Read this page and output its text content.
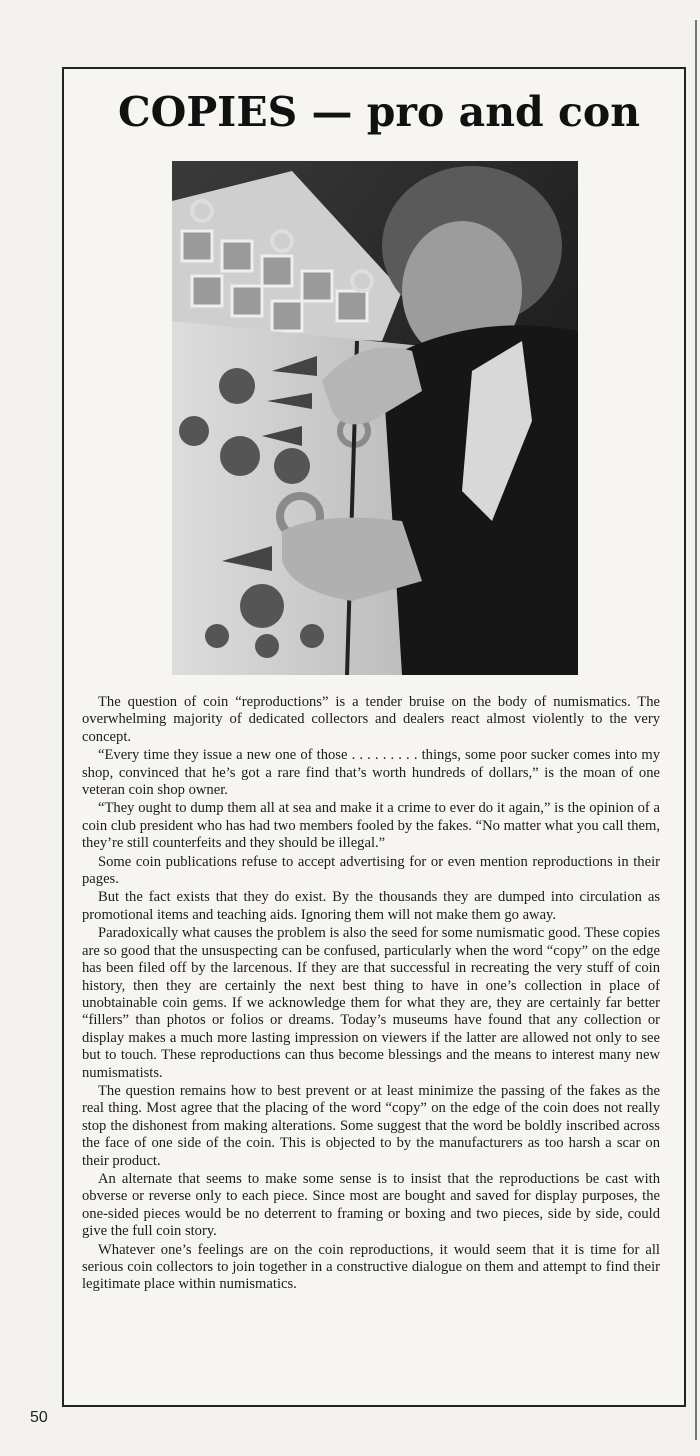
COPIES — pro and con

The question of coin “reproductions” is a tender bruise on the body of numismatics. The overwhelming majority of dedicated collectors and dealers react almost violently to the very concept.

“Every time they issue a new one of those . . . . . . . . . things, some poor sucker comes into my shop, convinced that he’s got a rare find that’s worth hundreds of dollars,” is the moan of one veteran coin shop owner.

“They ought to dump them all at sea and make it a crime to ever do it again,” is the opinion of a coin club president who has had two members fooled by the fakes. “No matter what you call them, they’re still counterfeits and they should be illegal.”

Some coin publications refuse to accept advertising for or even mention reproductions in their pages.

But the fact exists that they do exist. By the thousands they are dumped into circulation as promotional items and teaching aids. Ignoring them will not make them go away.

Paradoxically what causes the problem is also the seed for some numismatic good. These copies are so good that the unsuspecting can be confused, particularly when the word “copy” on the edge has been filed off by the larcenous. If they are that successful in recreating the very stuff of coin history, then they are certainly the next best thing to have in one’s collection in place of unobtainable coin gems. If we acknowledge them for what they are, they are certainly far better “fillers” than photos or folios or dreams. Today’s museums have found that any collection or display makes a much more lasting impression on viewers if the latter are allowed not only to see but to touch. These reproductions can thus become blessings and the means to interest many new numismatists.

The question remains how to best prevent or at least minimize the passing of the fakes as the real thing. Most agree that the placing of the word “copy” on the edge of the coin does not really stop the dishonest from making alterations. Some suggest that the word be boldly inscribed across the face of one side of the coin. This is objected to by the manufacturers as too harsh a scar on their product.

An alternate that seems to make some sense is to insist that the reproductions be cast with obverse or reverse only to each piece. Since most are bought and saved for display purposes, the one-sided pieces would be no deterrent to framing or boxing and two pieces, side by side, could give the full coin story.

Whatever one’s feelings are on the coin reproductions, it would seem that it is time for all serious coin collectors to join together in a constructive dialogue on them and attempt to find their legitimate place within numismatics.

50
